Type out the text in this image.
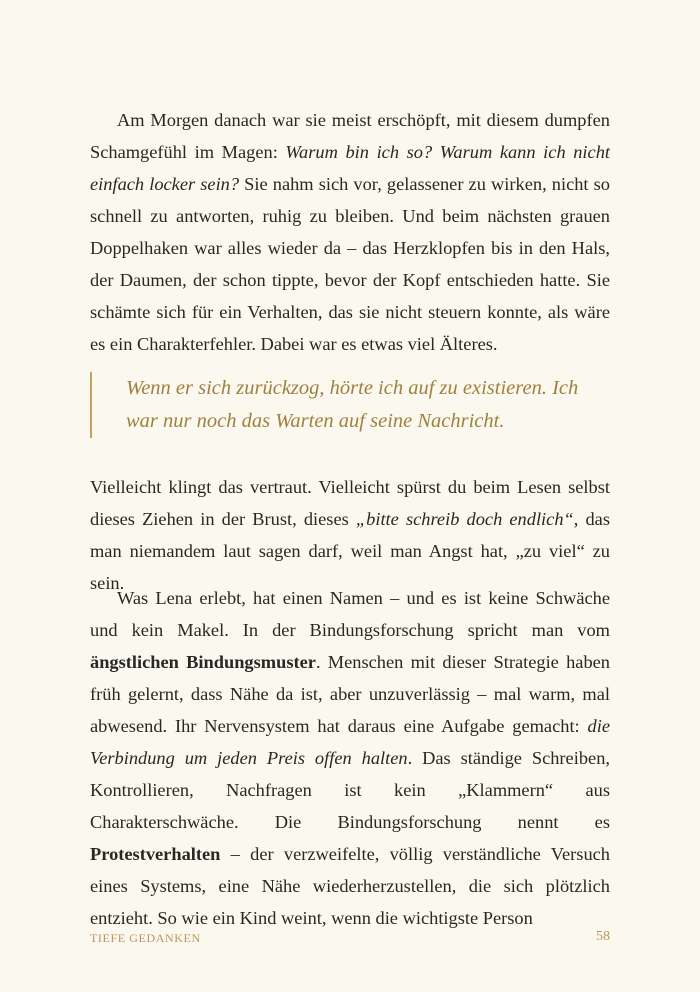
Am Morgen danach war sie meist erschöpft, mit diesem dumpfen Schamgefühl im Magen: Warum bin ich so? Warum kann ich nicht einfach locker sein? Sie nahm sich vor, gelassener zu wirken, nicht so schnell zu antworten, ruhig zu bleiben. Und beim nächsten grauen Doppelhaken war alles wieder da – das Herzklopfen bis in den Hals, der Daumen, der schon tippte, bevor der Kopf entschieden hatte. Sie schämte sich für ein Verhalten, das sie nicht steuern konnte, als wäre es ein Charakterfehler. Dabei war es etwas viel Älteres.

Wenn er sich zurückzog, hörte ich auf zu existieren. Ich war nur noch das Warten auf seine Nachricht.

Vielleicht klingt das vertraut. Vielleicht spürst du beim Lesen selbst dieses Ziehen in der Brust, dieses „bitte schreib doch endlich“, das man niemandem laut sagen darf, weil man Angst hat, „zu viel“ zu sein.

Was Lena erlebt, hat einen Namen – und es ist keine Schwäche und kein Makel. In der Bindungsforschung spricht man vom ängstlichen Bindungsmuster. Menschen mit dieser Strategie haben früh gelernt, dass Nähe da ist, aber unzuverlässig – mal warm, mal abwesend. Ihr Nervensystem hat daraus eine Aufgabe gemacht: die Verbindung um jeden Preis offen halten. Das ständige Schreiben, Kontrollieren, Nachfragen ist kein „Klammern“ aus Charakterschwäche. Die Bindungsforschung nennt es Protestverhalten – der verzweifelte, völlig verständliche Versuch eines Systems, eine Nähe wiederherzustellen, die sich plötzlich entzieht. So wie ein Kind weint, wenn die wichtigste Person

TIEFE GEDANKEN	58
